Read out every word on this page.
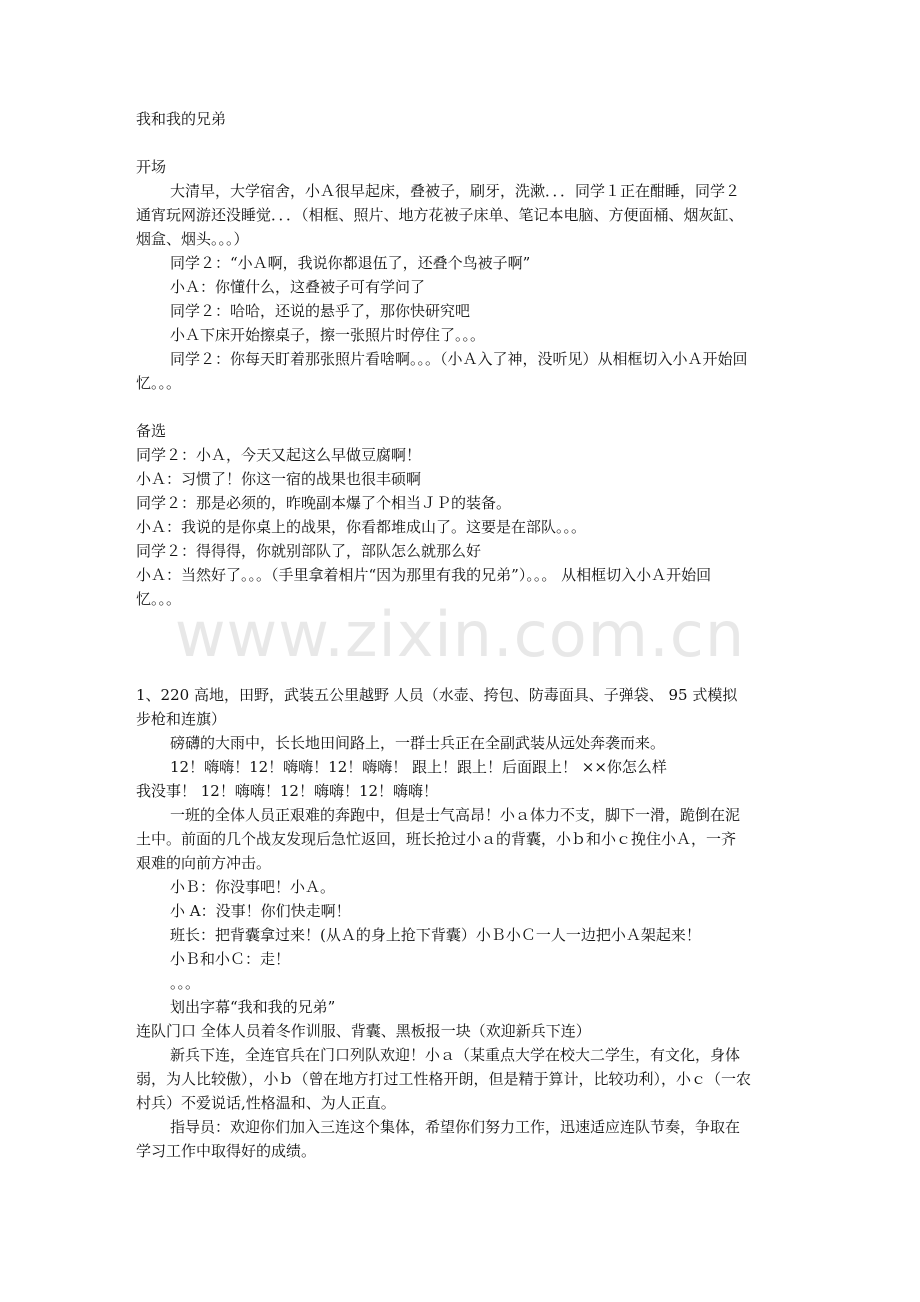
www.zixin.com.cn
我和我的兄弟
开场
大清早，大学宿舍，小Ａ很早起床，叠被子，刷牙，洗漱．．．同学１正在酣睡，同学２
通宵玩网游还没睡觉．．．（相框、照片、地方花被子床单、笔记本电脑、方便面桶、烟灰缸、
烟盒、烟头。。。）
同学２：“小Ａ啊，我说你都退伍了，还叠个鸟被子啊”
小Ａ：你懂什么，这叠被子可有学问了
同学２：哈哈，还说的悬乎了，那你快研究吧
小Ａ下床开始擦桌子，擦一张照片时停住了。。。
同学２：你每天盯着那张照片看啥啊。。。（小Ａ入了神，没听见）从相框切入小Ａ开始回
忆。。。
备选
同学２：小Ａ，今天又起这么早做豆腐啊！
小Ａ：习惯了！你这一宿的战果也很丰硕啊
同学２：那是必须的，昨晚副本爆了个相当ＪＰ的装备。
小Ａ：我说的是你桌上的战果，你看都堆成山了。这要是在部队。。。
同学２：得得得，你就别部队了，部队怎么就那么好
小Ａ：当然好了。。。（手里拿着相片“因为那里有我的兄弟”）。。。 从相框切入小Ａ开始回
忆。。。
1、220 高地，田野，武装五公里越野 人员（水壶、挎包、防毒面具、子弹袋、 95 式模拟
步枪和连旗）
磅礴的大雨中，长长地田间路上，一群士兵正在全副武装从远处奔袭而来。
12！嗨嗨！12！嗨嗨！12！嗨嗨！ 跟上！跟上！后面跟上！ ××你怎么样
我没事！ 12！嗨嗨！12！嗨嗨！12！嗨嗨！
一班的全体人员正艰难的奔跑中，但是士气高昂！小ａ体力不支，脚下一滑，跪倒在泥
土中。前面的几个战友发现后急忙返回，班长抢过小ａ的背囊，小ｂ和小ｃ挽住小Ａ，一齐
艰难的向前方冲击。
小Ｂ：你没事吧！小Ａ。
小 A：没事！你们快走啊！
班长：把背囊拿过来！(从Ａ的身上抢下背囊）小Ｂ小Ｃ一人一边把小Ａ架起来！
小Ｂ和小Ｃ：走！
。。。
划出字幕“我和我的兄弟”
连队门口 全体人员着冬作训服、背囊、黑板报一块（欢迎新兵下连）
新兵下连，全连官兵在门口列队欢迎！小ａ（某重点大学在校大二学生，有文化，身体
弱，为人比较傲），小ｂ（曾在地方打过工性格开朗，但是精于算计，比较功利），小ｃ（一农
村兵）不爱说话,性格温和、为人正直。
指导员：欢迎你们加入三连这个集体，希望你们努力工作，迅速适应连队节奏，争取在
学习工作中取得好的成绩。
